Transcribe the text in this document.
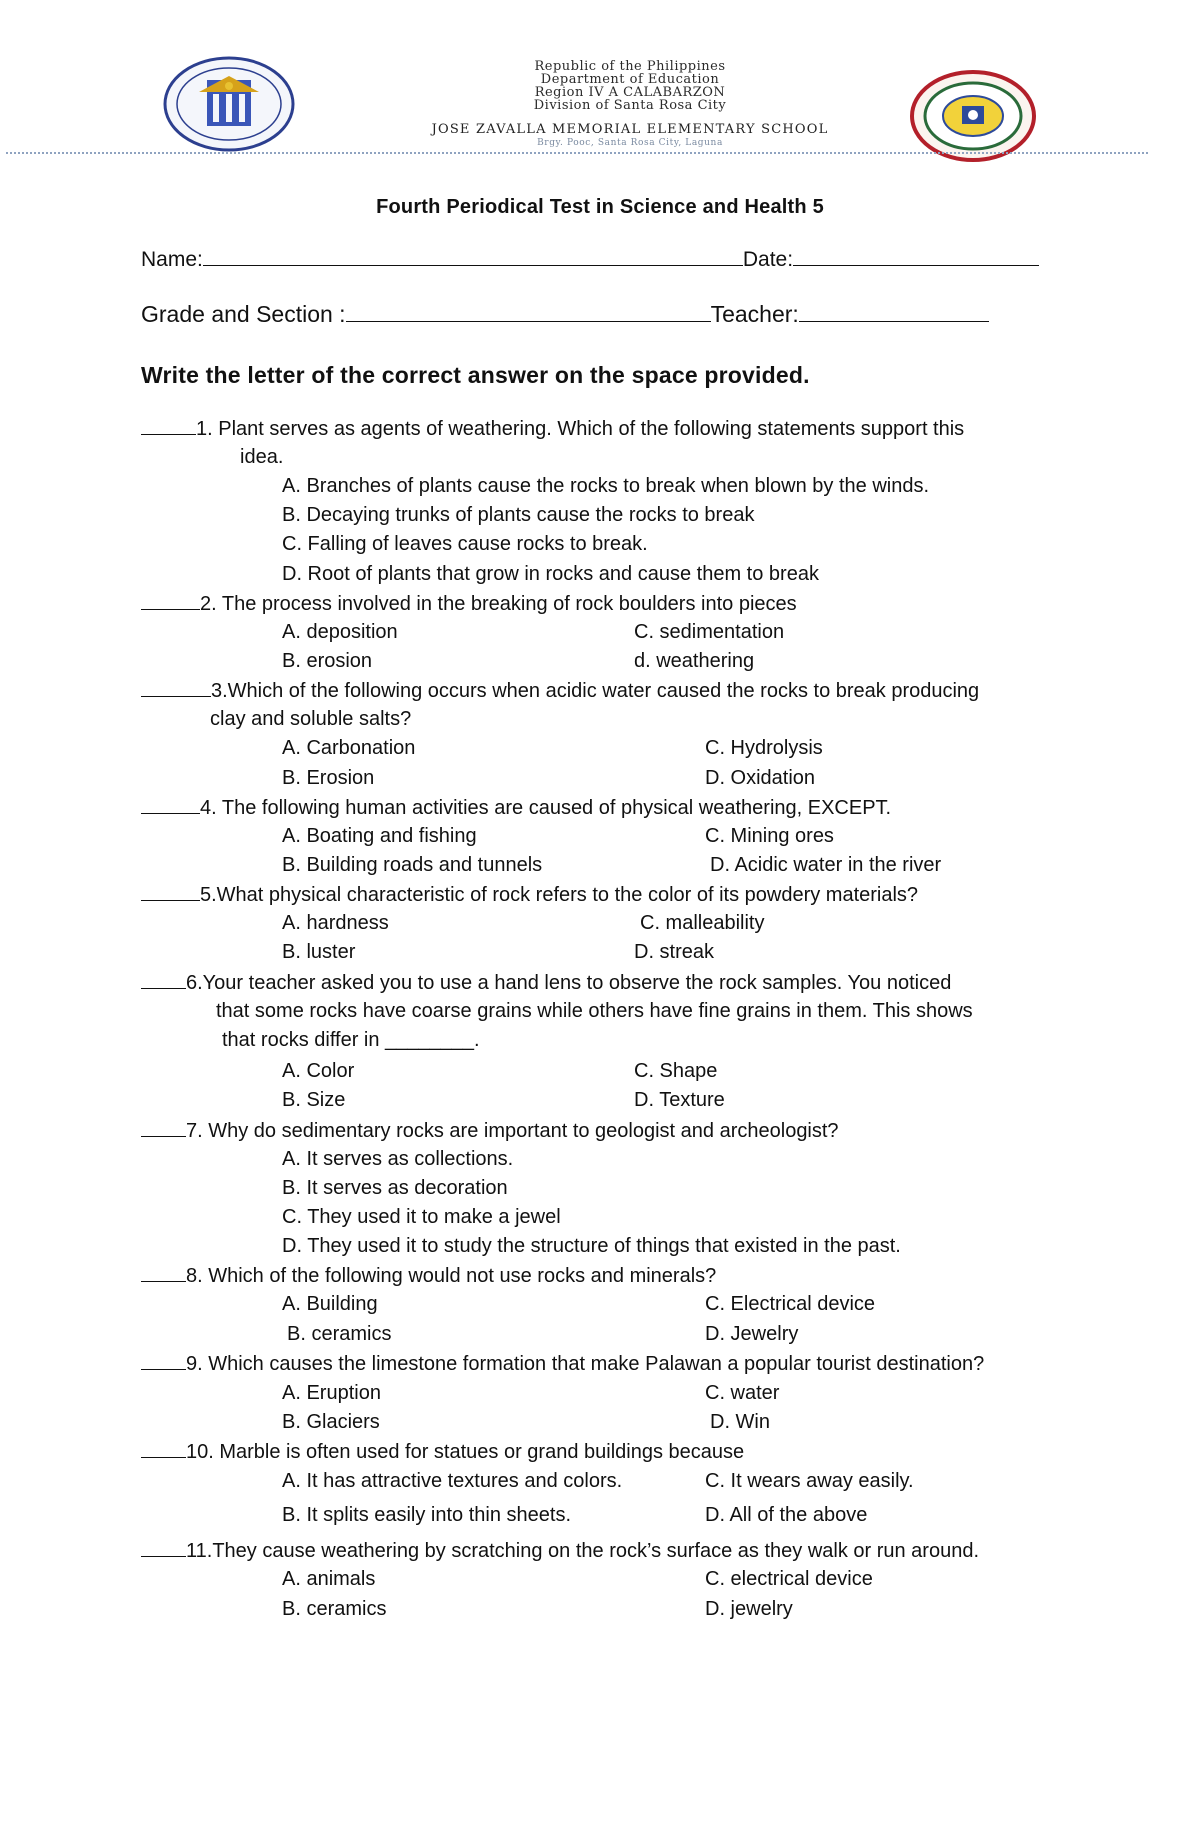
Republic of the Philippines
Department of Education
Region IV A CALABARZON
Division of Santa Rosa City
JOSE ZAVALLA MEMORIAL ELEMENTARY SCHOOL
Brgy. Pooc, Santa Rosa City, Laguna
Fourth Periodical Test in Science and Health 5
Name:	Date:
Grade and Section :	Teacher:
Write the letter of the correct answer on the space provided.
1. Plant serves as agents of weathering. Which of the following statements support this
idea.
A. Branches of plants cause the rocks to break when blown by the winds.
B. Decaying trunks of plants cause the rocks to break
C. Falling of leaves cause rocks to break.
D. Root of plants that grow in rocks and cause them to break
2. The process involved in the breaking of rock boulders into pieces
A. deposition	C. sedimentation
B. erosion	d. weathering
3.Which of the following occurs when acidic water caused the rocks to break producing
clay and soluble salts?
A. Carbonation	C. Hydrolysis
B. Erosion	D. Oxidation
4. The following human activities are caused of physical weathering, EXCEPT.
A. Boating and fishing	C. Mining ores
B. Building roads and tunnels	D. Acidic water in the river
5.What physical characteristic of rock refers to the color of its powdery materials?
A. hardness	C. malleability
B. luster	D. streak
6.Your teacher asked you to use a hand lens to observe the rock samples. You noticed
that some rocks have coarse grains while others have fine grains in them. This shows
that rocks differ in ________.
A. Color	C. Shape
B. Size	D. Texture
7. Why do sedimentary rocks are important to geologist and archeologist?
A. It serves as collections.
B. It serves as decoration
C. They used it to make a jewel
D. They used it to study the structure of things that existed in the past.
8. Which of the following would not use rocks and minerals?
A. Building	C. Electrical device
B. ceramics	D. Jewelry
9. Which causes the limestone formation that make Palawan a popular tourist destination?
A. Eruption	C. water
B. Glaciers	D. Win
10. Marble is often used for statues or grand buildings because
A. It has attractive textures and colors.	C. It wears away easily.
B. It splits easily into thin sheets.	D. All of the above
11.They cause weathering by scratching on the rock’s surface as they walk or run around.
A. animals	C. electrical device
B. ceramics	D. jewelry
